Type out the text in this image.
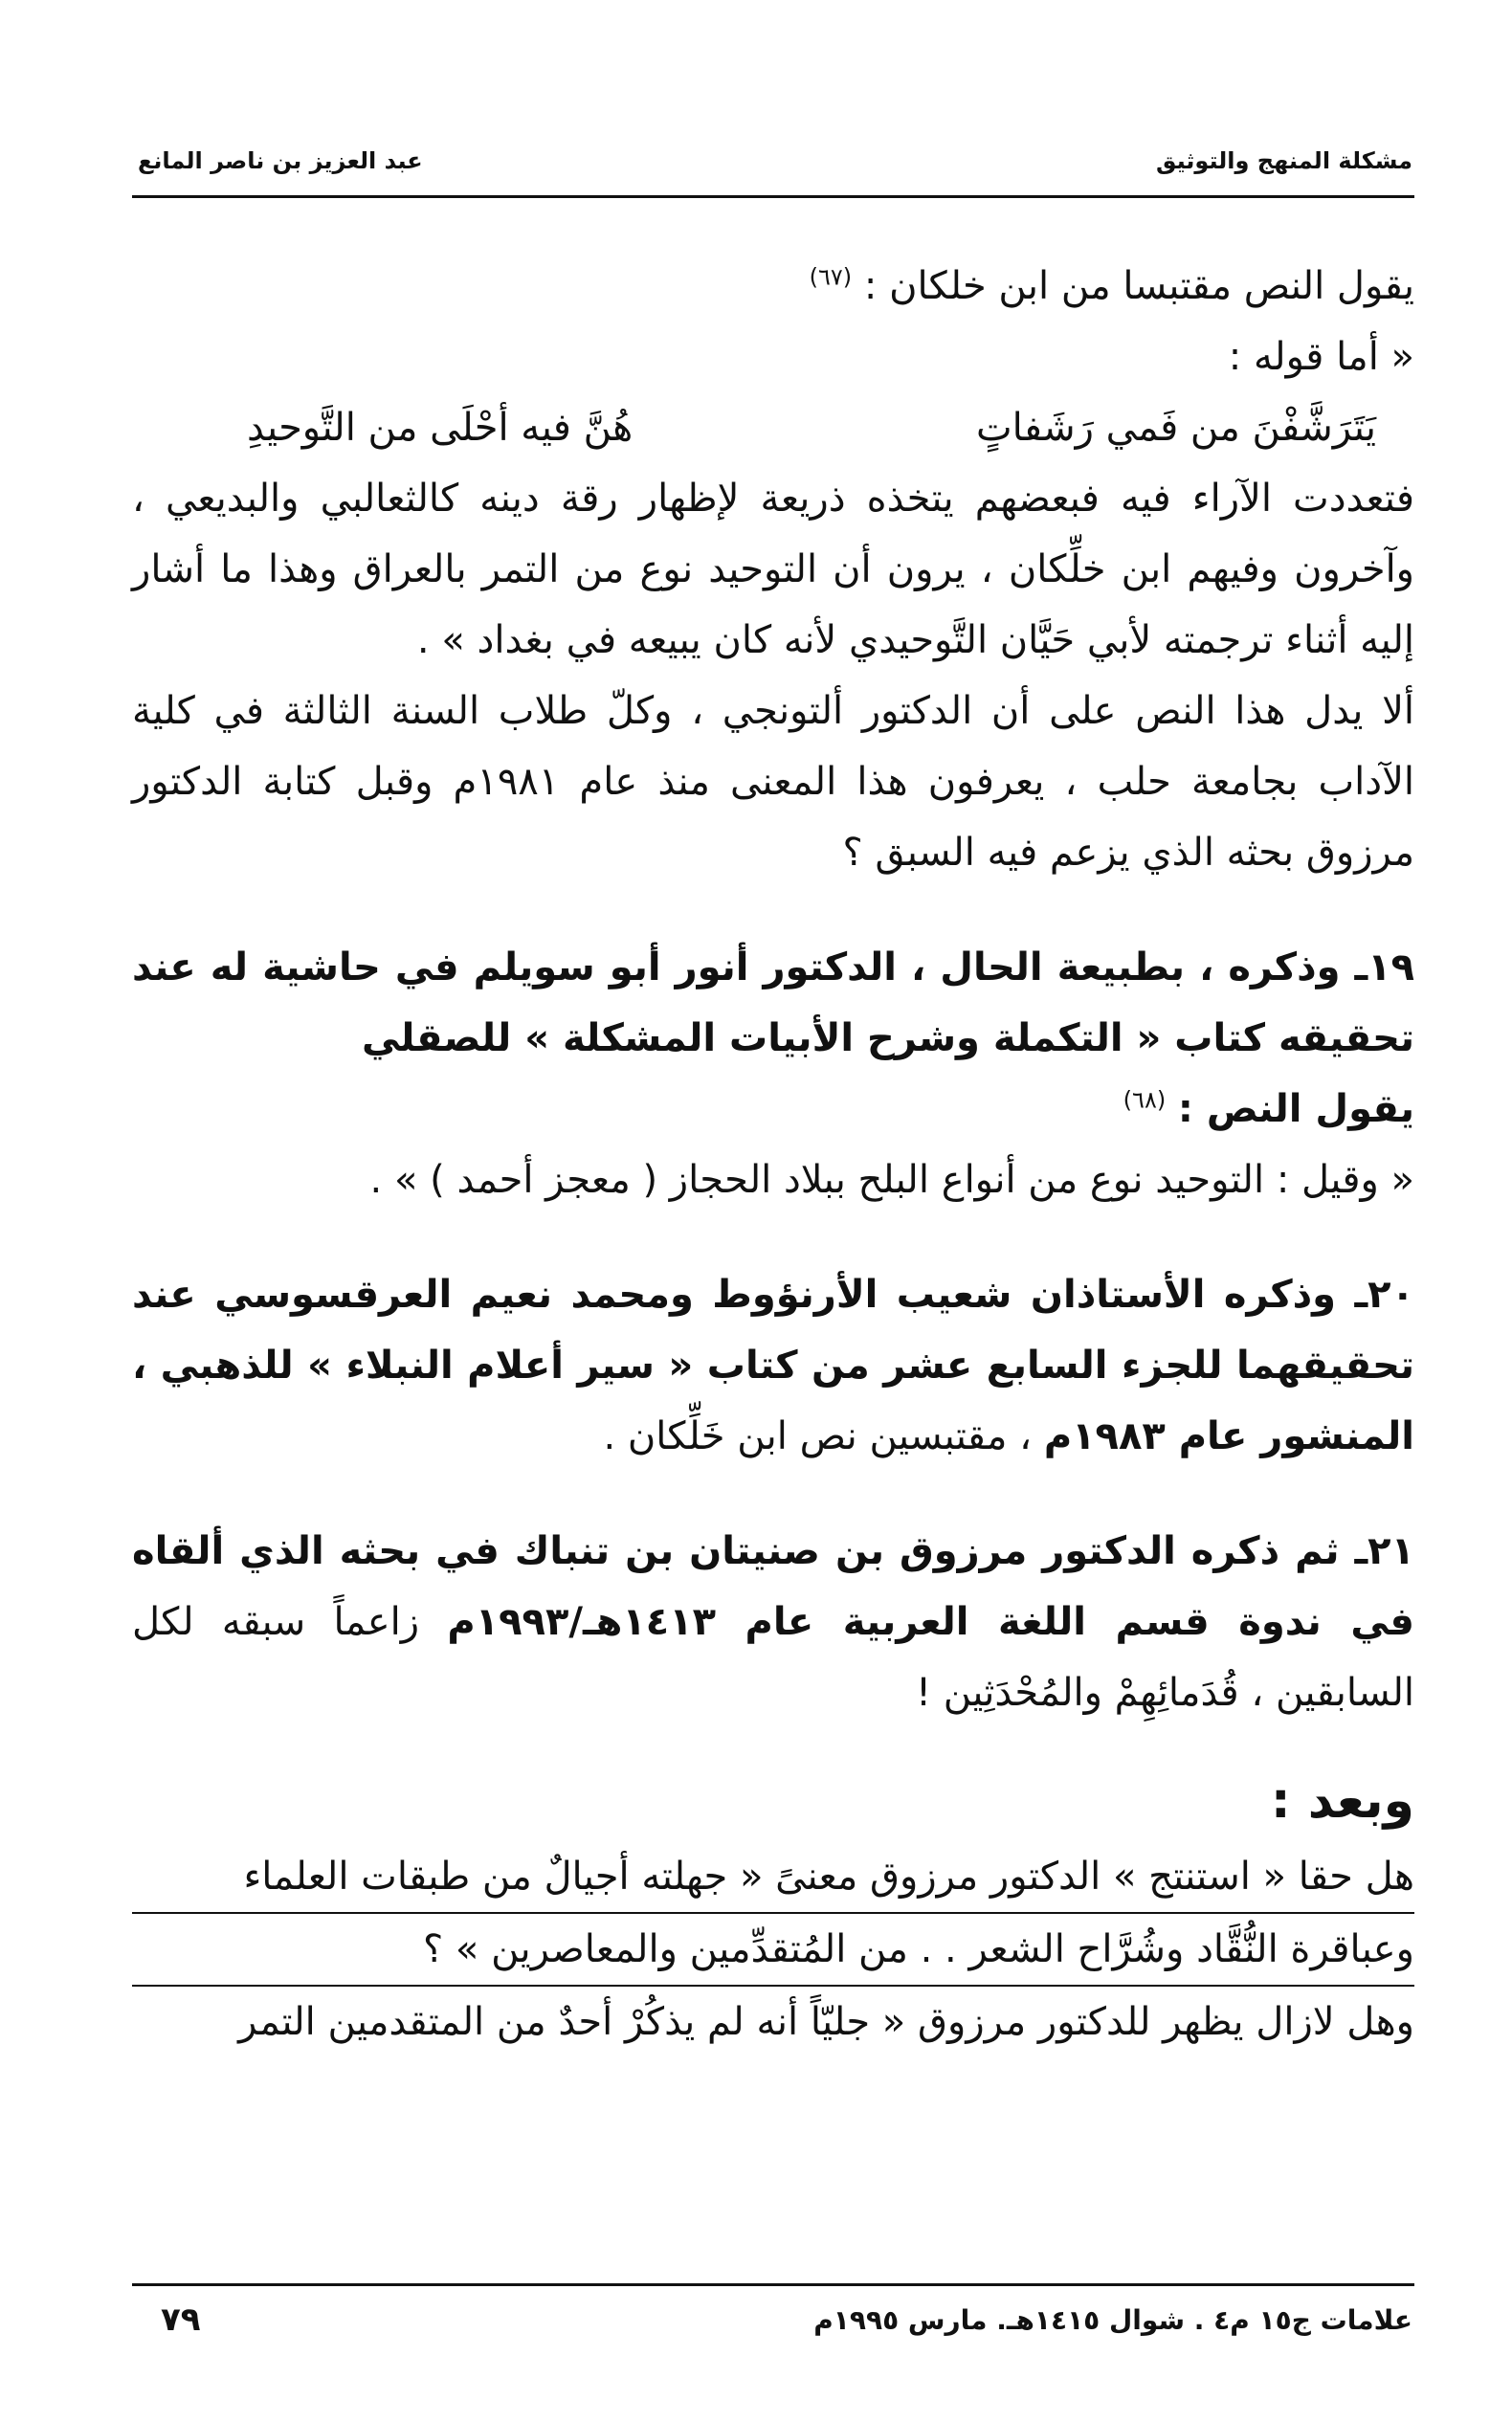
مشكلة المنهج والتوثيق
عبد العزيز بن ناصر المانع

يقول النص مقتبسا من ابن خلكان : $^{(٦٧)}$

« أما قوله :

يَتَرَشَّفْنَ من فَمي رَشَفاتٍ
هُنَّ فيه أحْلَى من التَّوحيدِ

فتعددت الآراء فيه فبعضهم يتخذه ذريعة لإظهار رقة دينه كالثعالبي والبديعي ، وآخرون وفيهم ابن خلِّكان ، يرون أن التوحيد نوع من التمر بالعراق وهذا ما أشار إليه أثناء ترجمته لأبي حَيَّان التَّوحيدي لأنه كان يبيعه في بغداد » .

ألا يدل هذا النص على أن الدكتور ألتونجي ، وكلّ طلاب السنة الثالثة في كلية الآداب بجامعة حلب ، يعرفون هذا المعنى منذ عام ١٩٨١م وقبل كتابة الدكتور مرزوق بحثه الذي يزعم فيه السبق ؟

١٩ـ وذكره ، بطبيعة الحال ، الدكتور أنور أبو سويلم في حاشية له عند تحقيقه كتاب « التكملة وشرح الأبيات المشكلة » للصقلي

يقول النص : $^{(٦٨)}$

« وقيل : التوحيد نوع من أنواع البلح ببلاد الحجاز ( معجز أحمد ) » .

٢٠ـ وذكره الأستاذان شعيب الأرنؤوط ومحمد نعيم العرقسوسي عند تحقيقهما للجزء السابع عشر من كتاب « سير أعلام النبلاء » للذهبي ، المنشور عام ١٩٨٣م ، مقتبسين نص ابن خَلِّكان .

٢١ـ ثم ذكره الدكتور مرزوق بن صنيتان بن تنباك في بحثه الذي ألقاه في ندوة قسم اللغة العربية عام ١٤١٣هـ/١٩٩٣م زاعماً سبقه لكل السابقين ، قُدَمائِهِمْ والمُحْدَثِين !

وبعد :

هل حقا « استنتج » الدكتور مرزوق معنىً « جهلته أجيالٌ من طبقات العلماء

وعباقرة النُّقَّاد وشُرَّاح الشعر . . من المُتقدِّمين والمعاصرين » ؟

وهل لازال يظهر للدكتور مرزوق « جليّاً أنه لم يذكُرْ أحدٌ من المتقدمين التمر

علامات ج١٥ م٤ . شوال ١٤١٥هـ. مارس ١٩٩٥م
٧٩
